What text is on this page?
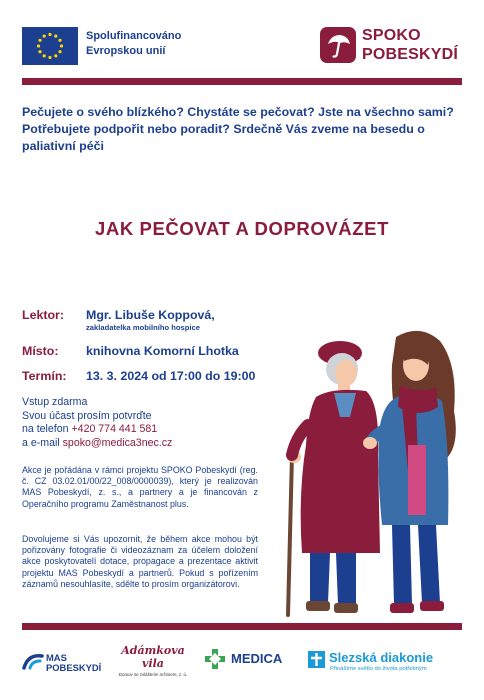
Spolufinancováno
Evropskou unií
SPOKO
POBESKYDÍ
Pečujete o svého blízkého? Chystáte se pečovat? Jste na všechno sami? Potřebujete podpořit nebo poradit? Srdečně Vás zveme na besedu o paliativní péči
JAK PEČOVAT A DOPROVÁZET
Lektor: Mgr. Libuše Koppová,
zakladatelka mobilního hospice
Místo: knihovna Komorní Lhotka
Termín: 13. 3. 2024 od 17:00 do 19:00
Vstup zdarma
Svou účast prosím potvrďte
na telefon +420 774 441 581
a e-mail spoko@medica3nec.cz
Akce je pořádána v rámci projektu SPOKO Pobeskydí (reg. č. CZ 03.02.01/00/22_008/0000039), který je realizován MAS Pobeskydí, z. s., a partnery a je financován z Operačního programu Zaměstnanost plus.
Dovolujeme si Vás upozornit, že během akce mohou být pořizovány fotografie či videozáznam za účelem doložení akce poskytovatelí dotace, propagace a prezentace aktivit projektu MAS Pobeskydí a partnerů. Pokud s pořízením záznamů nesouhlasíte, sdělte to prosím organizátorovi.
MAS
POBESKYDÍ
Adámkova vila
Domov se zvláštním režimem, z. ú.
MEDICA	Slezská diakonie
Přinášíme světlo do života potřebným
